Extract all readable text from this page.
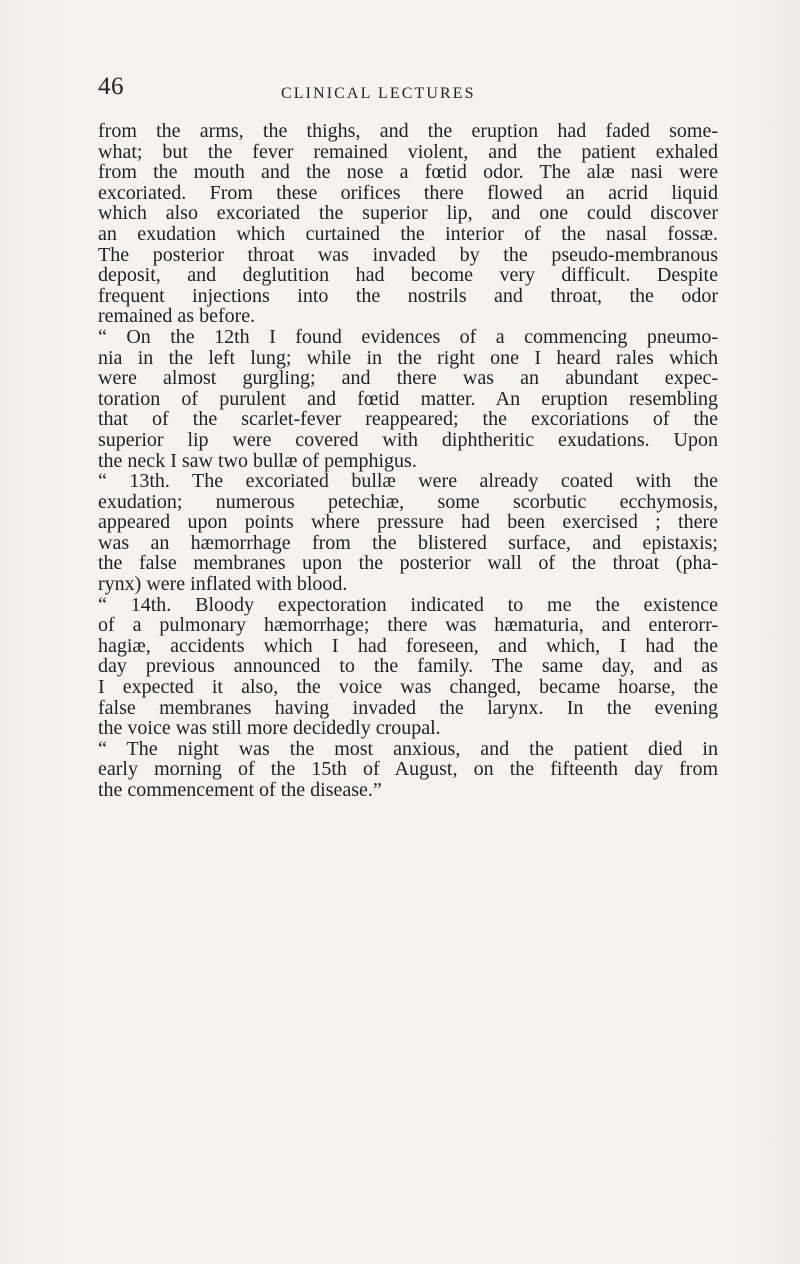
46	CLINICAL LECTURES
from the arms, the thighs, and the eruption had faded some-
what; but the fever remained violent, and the patient exhaled
from the mouth and the nose a fœtid odor. The alæ nasi were
excoriated. From these orifices there flowed an acrid liquid
which also excoriated the superior lip, and one could discover
an exudation which curtained the interior of the nasal fossæ.
The posterior throat was invaded by the pseudo-membranous
deposit, and deglutition had become very difficult. Despite
frequent injections into the nostrils and throat, the odor
remained as before.
“ On the 12th I found evidences of a commencing pneumo-
nia in the left lung; while in the right one I heard rales which
were almost gurgling; and there was an abundant expec-
toration of purulent and fœtid matter. An eruption resembling
that of the scarlet-fever reappeared; the excoriations of the
superior lip were covered with diphtheritic exudations. Upon
the neck I saw two bullæ of pemphigus.
“ 13th. The excoriated bullæ were already coated with the
exudation; numerous petechiæ, some scorbutic ecchymosis,
appeared upon points where pressure had been exercised ; there
was an hæmorrhage from the blistered surface, and epistaxis;
the false membranes upon the posterior wall of the throat (pha-
rynx) were inflated with blood.
“ 14th. Bloody expectoration indicated to me the existence
of a pulmonary hæmorrhage; there was hæmaturia, and enterorr-
hagiæ, accidents which I had foreseen, and which, I had the
day previous announced to the family. The same day, and as
I expected it also, the voice was changed, became hoarse, the
false membranes having invaded the larynx. In the evening
the voice was still more decidedly croupal.
“ The night was the most anxious, and the patient died in
early morning of the 15th of August, on the fifteenth day from
the commencement of the disease.”
